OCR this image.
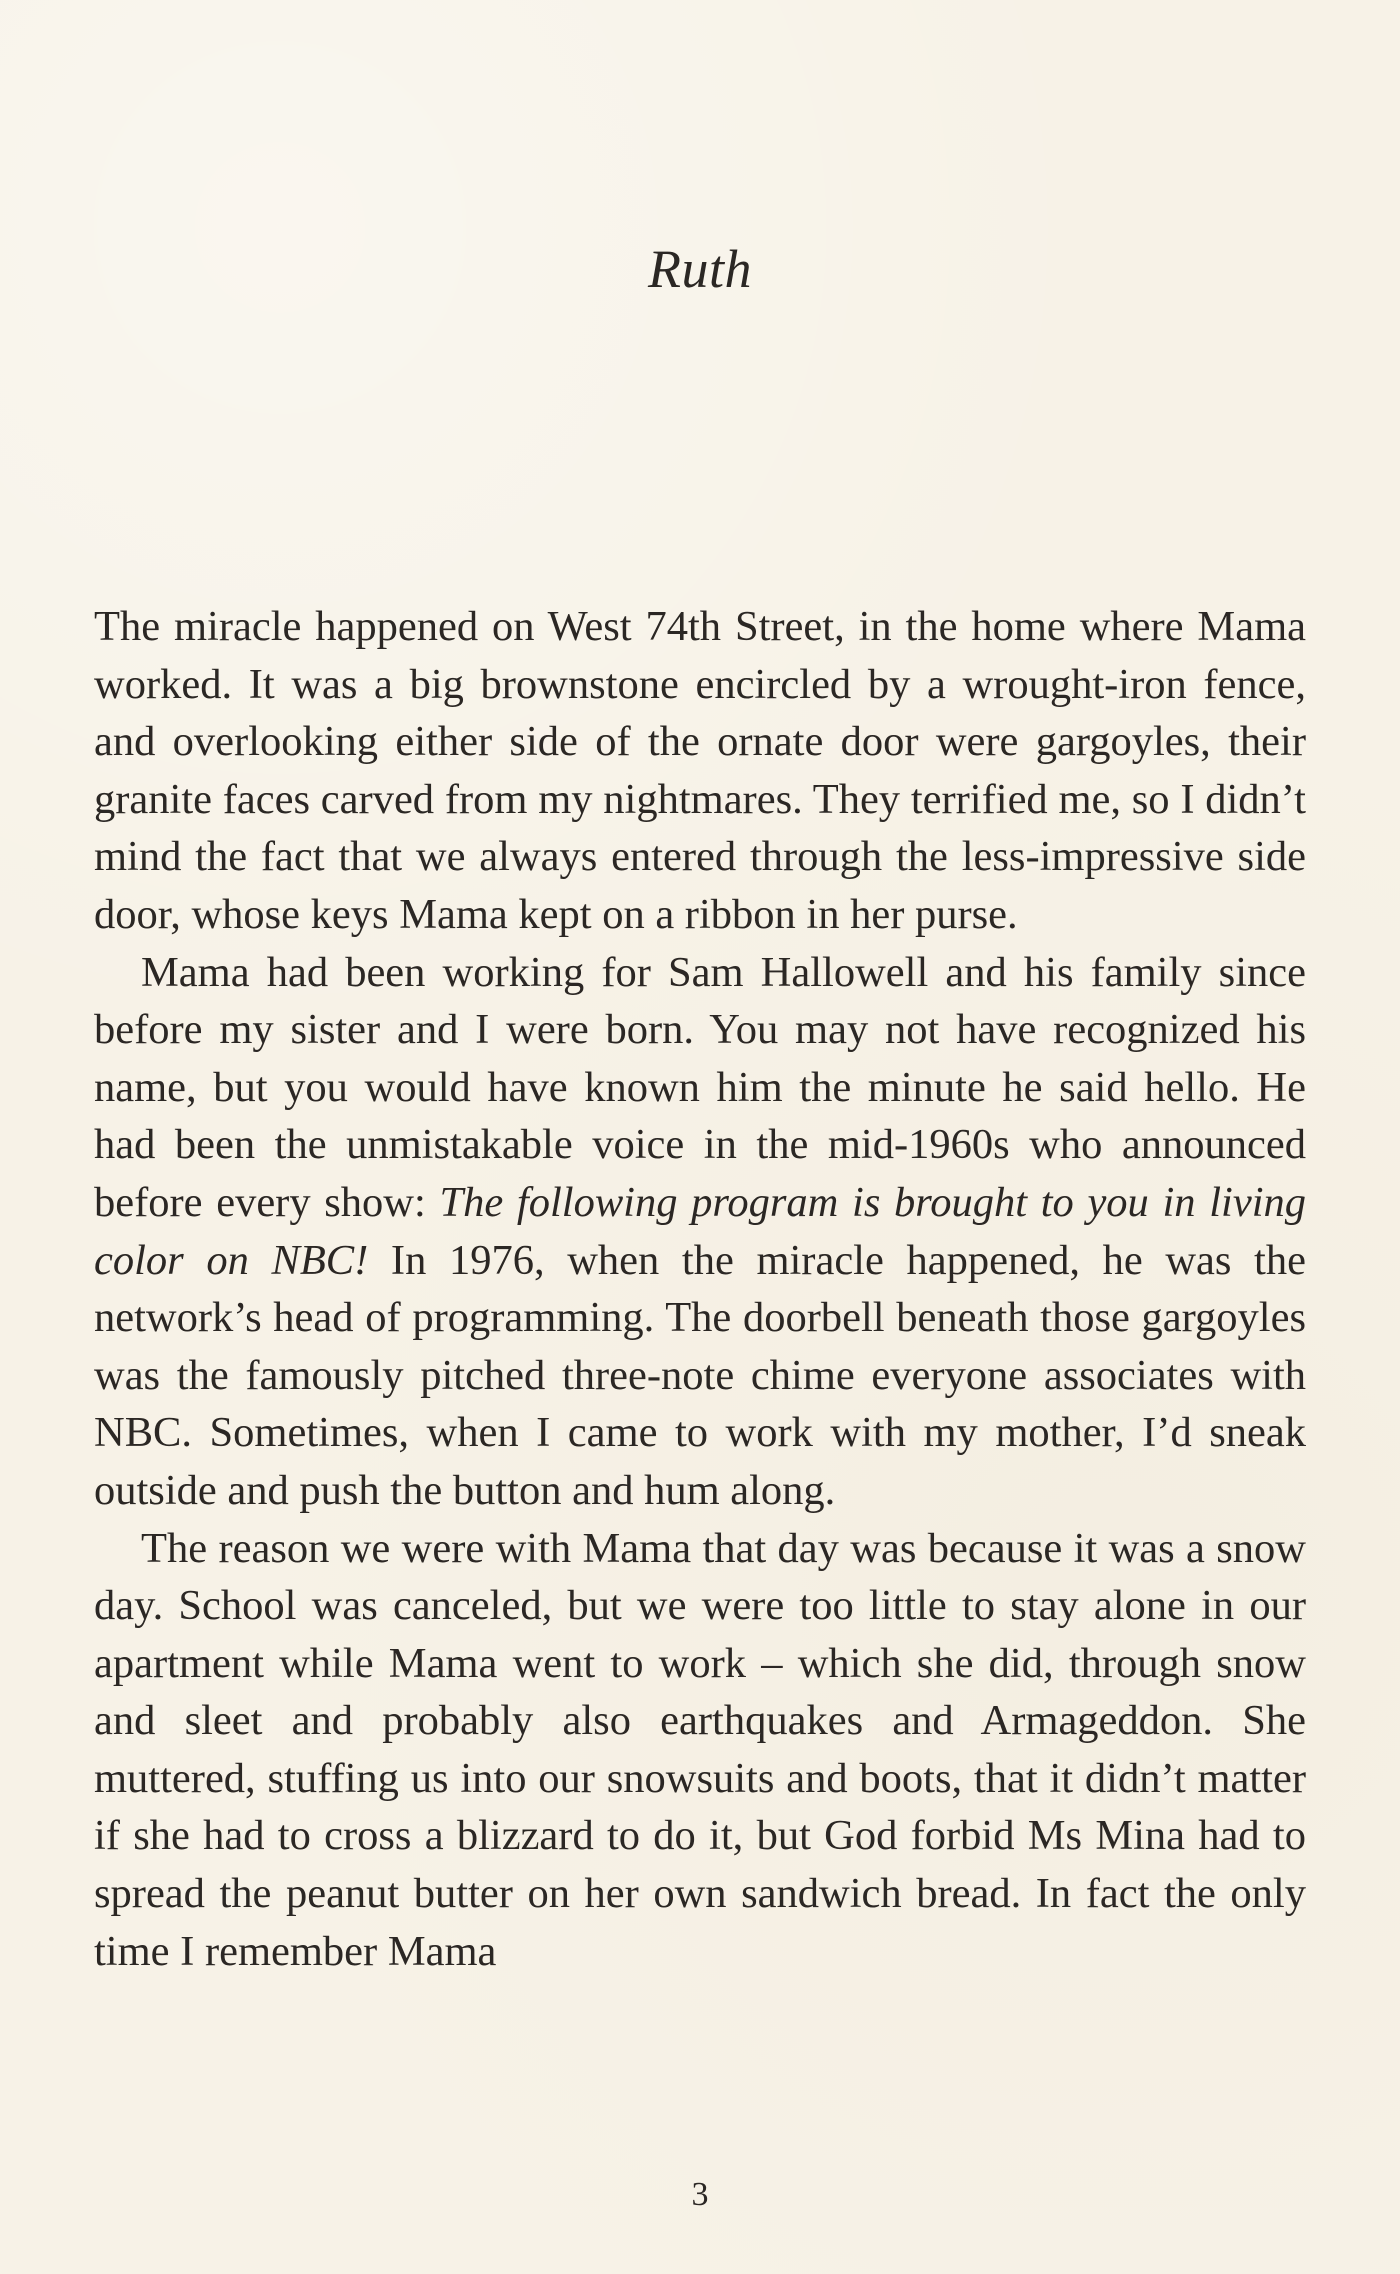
Ruth

The miracle happened on West 74th Street, in the home where Mama worked. It was a big brownstone encircled by a wrought-iron fence, and overlooking either side of the ornate door were gargoyles, their granite faces carved from my nightmares. They terrified me, so I didn’t mind the fact that we always entered through the less-impressive side door, whose keys Mama kept on a ribbon in her purse.

Mama had been working for Sam Hallowell and his family since before my sister and I were born. You may not have recognized his name, but you would have known him the minute he said hello. He had been the unmistakable voice in the mid-1960s who announced before every show: The following program is brought to you in living color on NBC! In 1976, when the miracle happened, he was the network’s head of programming. The doorbell beneath those gargoyles was the famously pitched three-note chime everyone associates with NBC. Sometimes, when I came to work with my mother, I’d sneak outside and push the button and hum along.

The reason we were with Mama that day was because it was a snow day. School was canceled, but we were too little to stay alone in our apartment while Mama went to work – which she did, through snow and sleet and probably also earthquakes and Armageddon. She muttered, stuffing us into our snowsuits and boots, that it didn’t matter if she had to cross a blizzard to do it, but God forbid Ms Mina had to spread the peanut butter on her own sandwich bread. In fact the only time I remember Mama

3
